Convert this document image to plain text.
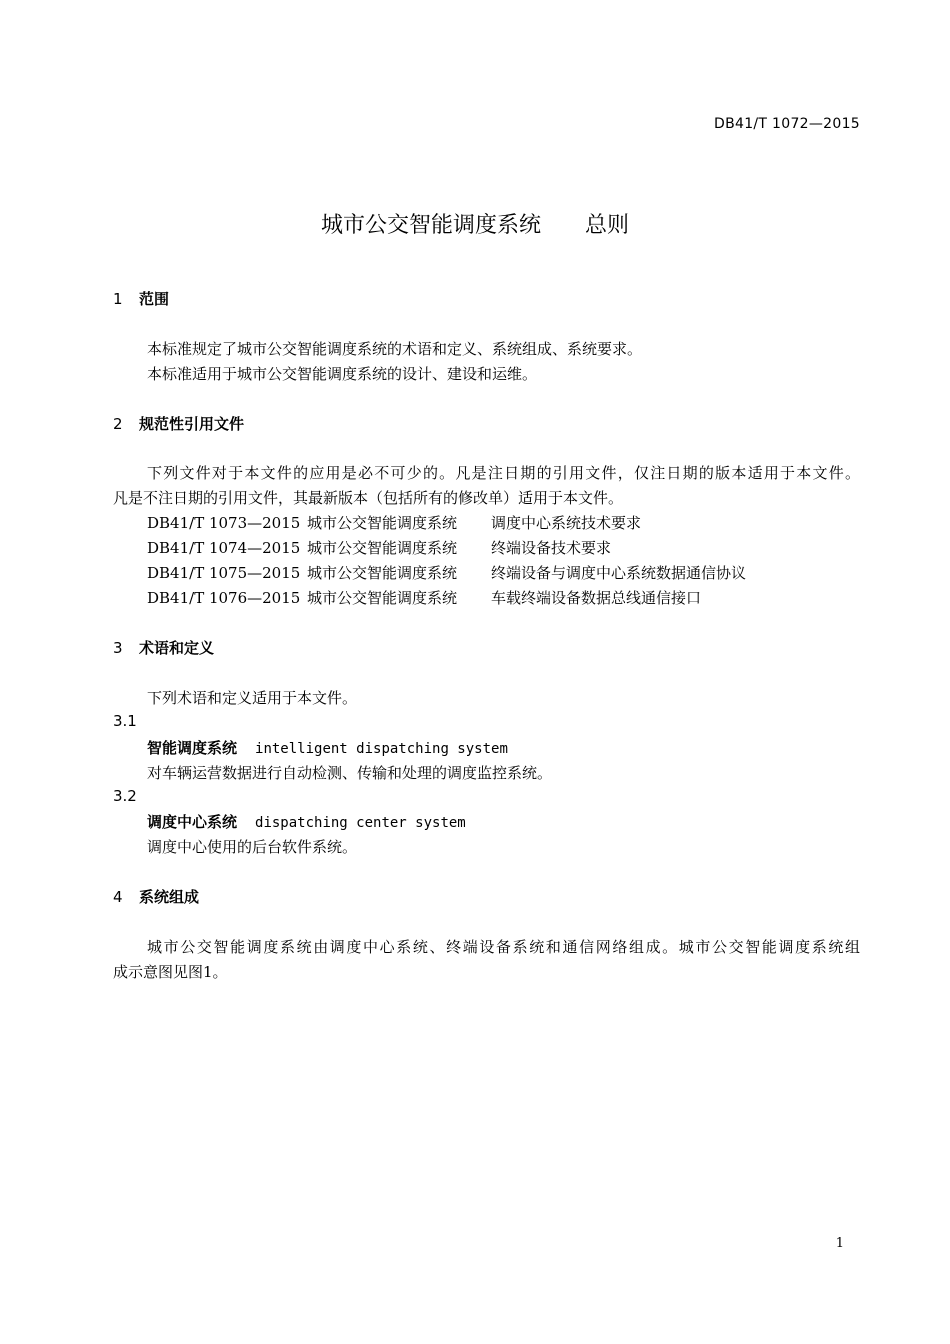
DB41/T 1072—2015
城市公交智能调度系统　　总则
1 范围
本标准规定了城市公交智能调度系统的术语和定义、系统组成、系统要求。
本标准适用于城市公交智能调度系统的设计、建设和运维。
2 规范性引用文件
下列文件对于本文件的应用是必不可少的。凡是注日期的引用文件，仅注日期的版本适用于本文件。
凡是不注日期的引用文件，其最新版本（包括所有的修改单）适用于本文件。
DB41/T 1073—2015 城市公交智能调度系统 调度中心系统技术要求
DB41/T 1074—2015 城市公交智能调度系统 终端设备技术要求
DB41/T 1075—2015 城市公交智能调度系统 终端设备与调度中心系统数据通信协议
DB41/T 1076—2015 城市公交智能调度系统 车载终端设备数据总线通信接口
3 术语和定义
下列术语和定义适用于本文件。
3.1
智能调度系统 intelligent dispatching system
对车辆运营数据进行自动检测、传输和处理的调度监控系统。
3.2
调度中心系统 dispatching center system
调度中心使用的后台软件系统。
4 系统组成
城市公交智能调度系统由调度中心系统、终端设备系统和通信网络组成。城市公交智能调度系统组
成示意图见图1。
1
